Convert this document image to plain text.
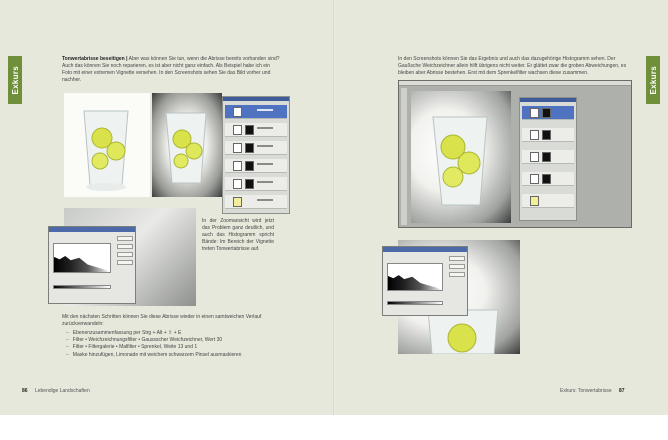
Exkurs
Tonwertabrisse beseitigen | Aber was können Sie tun, wenn die Abrisse bereits vorhanden sind? Auch das können Sie noch reparieren, es ist aber nicht ganz einfach. Als Beispiel habe ich ein Foto mit einer extremen Vignette versehen. In den Screenshots sehen Sie das Bild vorher und nachher.
In der Zoomansicht wird jetzt das Problem ganz deutlich, und auch das Histogramm spricht Bände: Im Bereich der Vignette treten Tonwertabrisse auf.
Mit den nächsten Schritten können Sie diese Abrisse wieder in einen samtweichen Verlauf zurückverwandeln:
– Ebenenzusammenfassung per Strg + Alt + ⇧ + E
– Filter • Weichzeichnungsfilter • Gaussscher Weichzeichner, Wert 30
– Filter • Filtergalerie • Malfilter • Sprenkel, Weite 13 und 1
– Maske hinzufügen, Limonade mit weichem schwarzem Pinsel ausmaskieren
86 Lebendige Landschaften
Exkurs
In den Screenshots können Sie das Ergebnis und auch das dazugehörige Histogramm sehen. Der Gaußsche Weichzeichner allein hilft übrigens nicht weiter. Er glättet zwar die groben Abweichungen, es bleiben aber Abrisse bestehen. Erst mit dem Sprenkelfilter wachsen diese zusammen.
Exkurs: Tonwertabrisse 87
